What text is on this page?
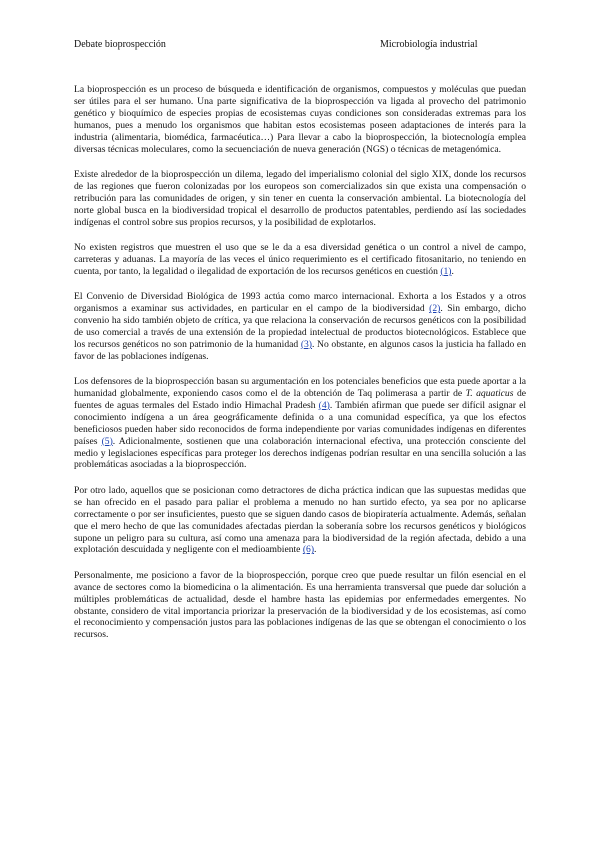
Debate bioprospección	Microbiología industrial

La bioprospección es un proceso de búsqueda e identificación de organismos, compuestos y moléculas que puedan ser útiles para el ser humano. Una parte significativa de la bioprospección va ligada al provecho del patrimonio genético y bioquímico de especies propias de ecosistemas cuyas condiciones son consideradas extremas para los humanos, pues a menudo los organismos que habitan estos ecosistemas poseen adaptaciones de interés para la industria (alimentaria, biomédica, farmacéutica…) Para llevar a cabo la bioprospección, la biotecnología emplea diversas técnicas moleculares, como la secuenciación de nueva generación (NGS) o técnicas de metagenómica.

Existe alrededor de la bioprospección un dilema, legado del imperialismo colonial del siglo XIX, donde los recursos de las regiones que fueron colonizadas por los europeos son comercializados sin que exista una compensación o retribución para las comunidades de origen, y sin tener en cuenta la conservación ambiental. La biotecnología del norte global busca en la biodiversidad tropical el desarrollo de productos patentables, perdiendo así las sociedades indígenas el control sobre sus propios recursos, y la posibilidad de explotarlos.

No existen registros que muestren el uso que se le da a esa diversidad genética o un control a nivel de campo, carreteras y aduanas. La mayoría de las veces el único requerimiento es el certificado fitosanitario, no teniendo en cuenta, por tanto, la legalidad o ilegalidad de exportación de los recursos genéticos en cuestión (1).

El Convenio de Diversidad Biológica de 1993 actúa como marco internacional. Exhorta a los Estados y a otros organismos a examinar sus actividades, en particular en el campo de la biodiversidad (2). Sin embargo, dicho convenio ha sido también objeto de crítica, ya que relaciona la conservación de recursos genéticos con la posibilidad de uso comercial a través de una extensión de la propiedad intelectual de productos biotecnológicos. Establece que los recursos genéticos no son patrimonio de la humanidad (3). No obstante, en algunos casos la justicia ha fallado en favor de las poblaciones indígenas.

Los defensores de la bioprospección basan su argumentación en los potenciales beneficios que esta puede aportar a la humanidad globalmente, exponiendo casos como el de la obtención de Taq polimerasa a partir de T. aquaticus de fuentes de aguas termales del Estado indio Himachal Pradesh (4). También afirman que puede ser difícil asignar el conocimiento indígena a un área geográficamente definida o a una comunidad específica, ya que los efectos beneficiosos pueden haber sido reconocidos de forma independiente por varias comunidades indígenas en diferentes países (5). Adicionalmente, sostienen que una colaboración internacional efectiva, una protección consciente del medio y legislaciones específicas para proteger los derechos indígenas podrían resultar en una sencilla solución a las problemáticas asociadas a la bioprospección.

Por otro lado, aquellos que se posicionan como detractores de dicha práctica indican que las supuestas medidas que se han ofrecido en el pasado para paliar el problema a menudo no han surtido efecto, ya sea por no aplicarse correctamente o por ser insuficientes, puesto que se siguen dando casos de biopiratería actualmente. Además, señalan que el mero hecho de que las comunidades afectadas pierdan la soberanía sobre los recursos genéticos y biológicos supone un peligro para su cultura, así como una amenaza para la biodiversidad de la región afectada, debido a una explotación descuidada y negligente con el medioambiente (6).

Personalmente, me posiciono a favor de la bioprospección, porque creo que puede resultar un filón esencial en el avance de sectores como la biomedicina o la alimentación. Es una herramienta transversal que puede dar solución a múltiples problemáticas de actualidad, desde el hambre hasta las epidemias por enfermedades emergentes. No obstante, considero de vital importancia priorizar la preservación de la biodiversidad y de los ecosistemas, así como el reconocimiento y compensación justos para las poblaciones indígenas de las que se obtengan el conocimiento o los recursos.
